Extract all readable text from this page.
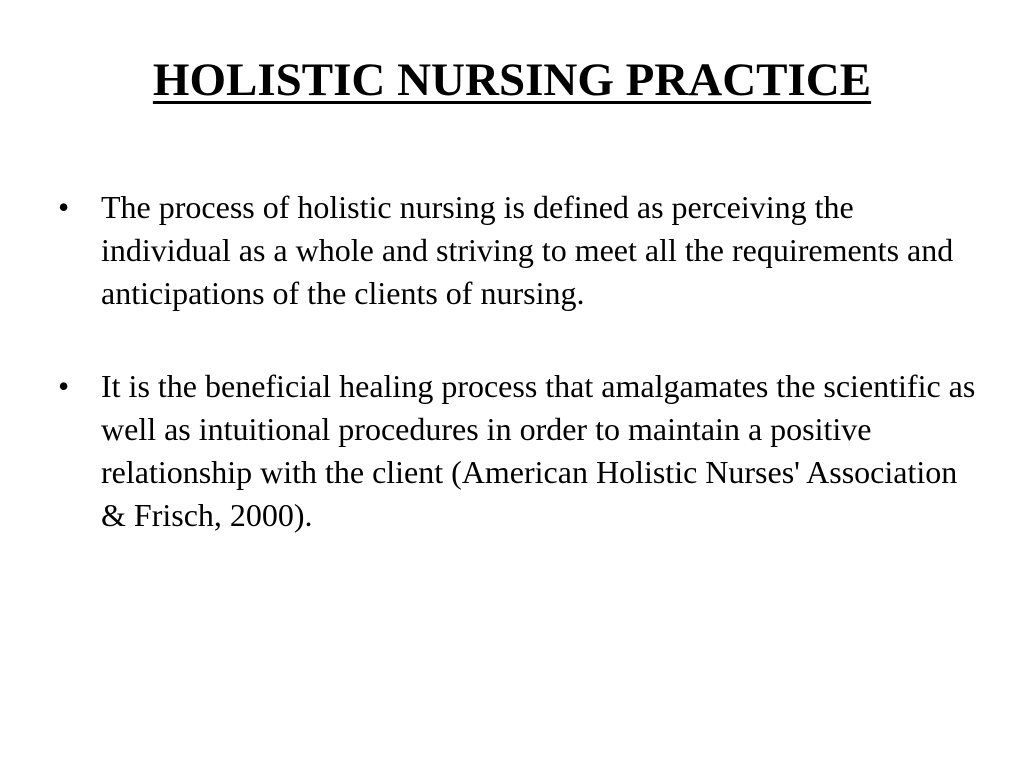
HOLISTIC NURSING PRACTICE
• The process of holistic nursing is defined as perceiving the individual as a whole and striving to meet all the requirements and anticipations of the clients of nursing.
• It is the beneficial healing process that amalgamates the scientific as well as intuitional procedures in order to maintain a positive relationship with the client (American Holistic Nurses' Association & Frisch, 2000).
